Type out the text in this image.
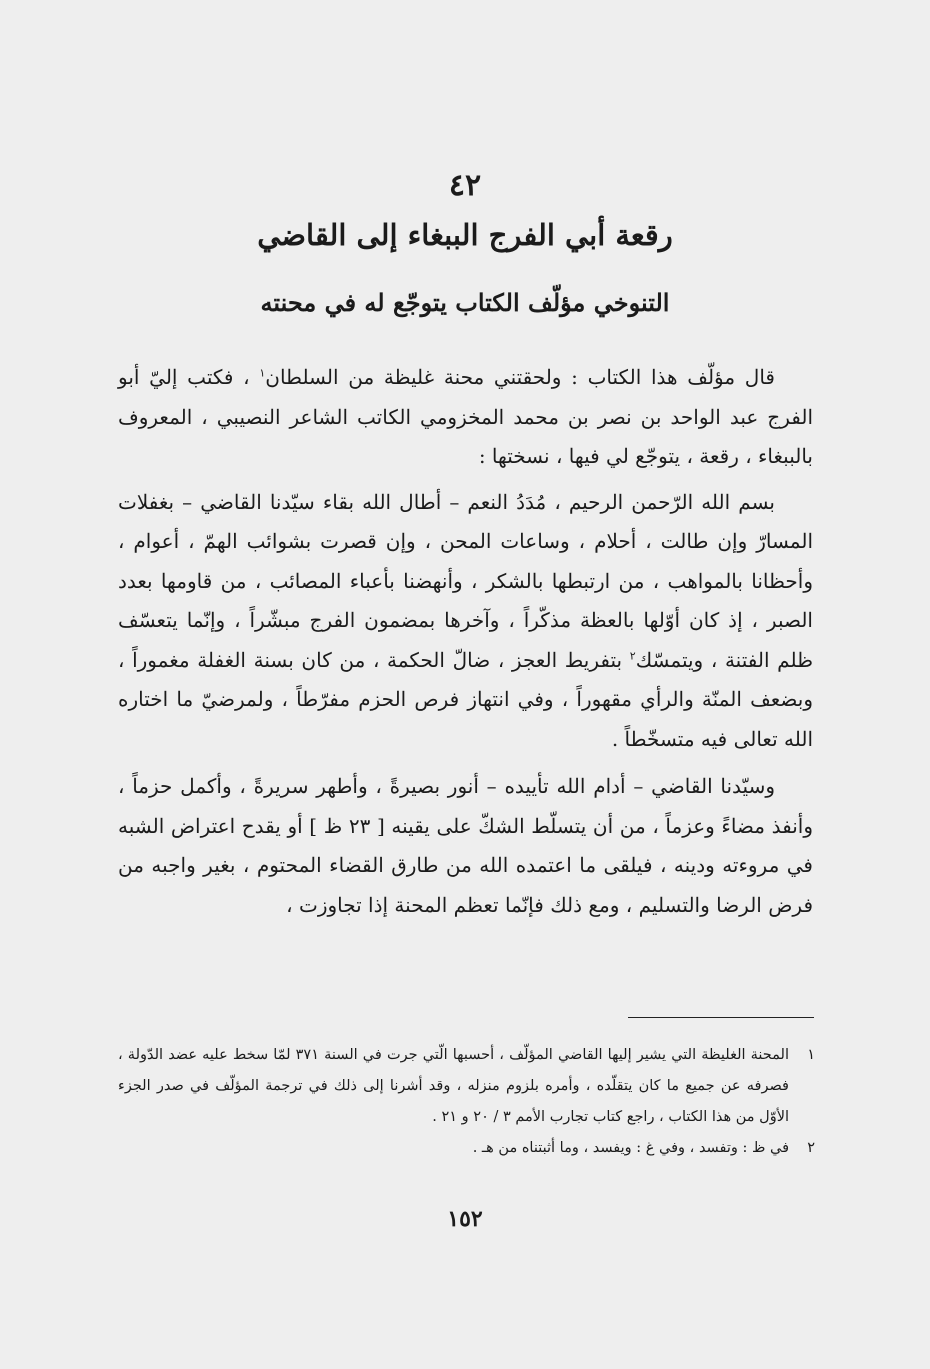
٤٢
رقعة أبي الفرج الببغاء إلى القاضي
التنوخي مؤلّف الكتاب يتوجّع له في محنته

قال مؤلّف هذا الكتاب : ولحقتني محنة غليظة من السلطان$^١$ ، فكتب إليّ أبو الفرج عبد الواحد بن نصر بن محمد المخزومي الكاتب الشاعر النصيبي ، المعروف بالببغاء ، رقعة ، يتوجّع لي فيها ، نسختها :

بسم الله الرّحمن الرحيم ، مُدَدُ النعم – أطال الله بقاء سيّدنا القاضي – بغفلات المسارّ وإن طالت ، أحلام ، وساعات المحن ، وإن قصرت بشوائب الهمّ ، أعوام ، وأحظانا بالمواهب ، من ارتبطها بالشكر ، وأنهضنا بأعباء المصائب ، من قاومها بعدد الصبر ، إذ كان أوّلها بالعظة مذكّراً ، وآخرها بمضمون الفرج مبشّراً ، وإنّما يتعسّف ظلم الفتنة ، ويتمسّك$^٢$ بتفريط العجز ، ضالّ الحكمة ، من كان بسنة الغفلة مغموراً ، وبضعف المنّة والرأي مقهوراً ، وفي انتهاز فرص الحزم مفرّطاً ، ولمرضيّ ما اختاره الله تعالى فيه متسخّطاً .

وسيّدنا القاضي – أدام الله تأييده – أنور بصيرةً ، وأطهر سريرةً ، وأكمل حزماً ، وأنفذ مضاءً وعزماً ، من أن يتسلّط الشكّ على يقينه [ ٢٣ ظ ] أو يقدح اعتراض الشبه في مروءته ودينه ، فيلقى ما اعتمده الله من طارق القضاء المحتوم ، بغير واجبه من فرض الرضا والتسليم ، ومع ذلك فإنّما تعظم المحنة إذا تجاوزت ،

١
المحنة الغليظة التي يشير إليها القاضي المؤلّف ، أحسبها الّتي جرت في السنة ٣٧١ لمّا سخط عليه عضد الدّولة ، فصرفه عن جميع ما كان يتقلّده ، وأمره بلزوم منزله ، وقد أشرنا إلى ذلك في ترجمة المؤلّف في صدر الجزء الأوّل من هذا الكتاب ، راجع كتاب تجارب الأمم ٣ / ٢٠ و ٢١ .
٢
في ظ : وتفسد ، وفي غ : ويفسد ، وما أثبتناه من هـ .
١٥٢
